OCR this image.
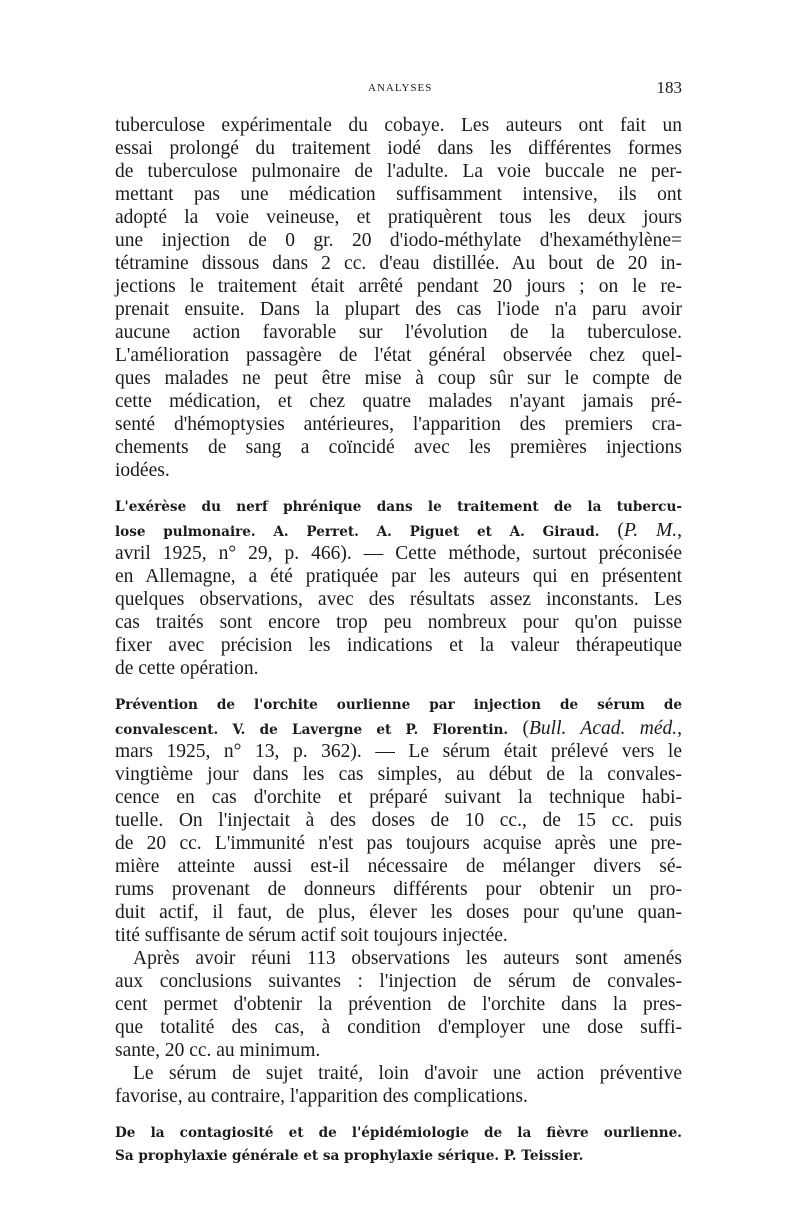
ANALYSES	183
tuberculose expérimentale du cobaye. Les auteurs ont fait un
essai prolongé du traitement iodé dans les différentes formes
de tuberculose pulmonaire de l'adulte. La voie buccale ne per-
mettant pas une médication suffisamment intensive, ils ont
adopté la voie veineuse, et pratiquèrent tous les deux jours
une injection de 0 gr. 20 d'iodo-méthylate d'hexaméthylène=
tétramine dissous dans 2 cc. d'eau distillée. Au bout de 20 in-
jections le traitement était arrêté pendant 20 jours ; on le re-
prenait ensuite. Dans la plupart des cas l'iode n'a paru avoir
aucune action favorable sur l'évolution de la tuberculose.
L'amélioration passagère de l'état général observée chez quel-
ques malades ne peut être mise à coup sûr sur le compte de
cette médication, et chez quatre malades n'ayant jamais pré-
senté d'hémoptysies antérieures, l'apparition des premiers cra-
chements de sang a coïncidé avec les premières injections
iodées.
L'exérèse du nerf phrénique dans le traitement de la tubercu-
lose pulmonaire. A. Perret. A. Piguet et A. Giraud. (P. M.,
avril 1925, n° 29, p. 466). — Cette méthode, surtout préconisée
en Allemagne, a été pratiquée par les auteurs qui en présentent
quelques observations, avec des résultats assez inconstants. Les
cas traités sont encore trop peu nombreux pour qu'on puisse
fixer avec précision les indications et la valeur thérapeutique
de cette opération.
Prévention de l'orchite ourlienne par injection de sérum de
convalescent. V. de Lavergne et P. Florentin. (Bull. Acad. méd.,
mars 1925, n° 13, p. 362). — Le sérum était prélevé vers le
vingtième jour dans les cas simples, au début de la convales-
cence en cas d'orchite et préparé suivant la technique habi-
tuelle. On l'injectait à des doses de 10 cc., de 15 cc. puis
de 20 cc. L'immunité n'est pas toujours acquise après une pre-
mière atteinte aussi est-il nécessaire de mélanger divers sé-
rums provenant de donneurs différents pour obtenir un pro-
duit actif, il faut, de plus, élever les doses pour qu'une quan-
tité suffisante de sérum actif soit toujours injectée.
Après avoir réuni 113 observations les auteurs sont amenés
aux conclusions suivantes : l'injection de sérum de convales-
cent permet d'obtenir la prévention de l'orchite dans la pres-
que totalité des cas, à condition d'employer une dose suffi-
sante, 20 cc. au minimum.
Le sérum de sujet traité, loin d'avoir une action préventive
favorise, au contraire, l'apparition des complications.
De la contagiosité et de l'épidémiologie de la fièvre ourlienne.
Sa prophylaxie générale et sa prophylaxie sérique. P. Teissier.
